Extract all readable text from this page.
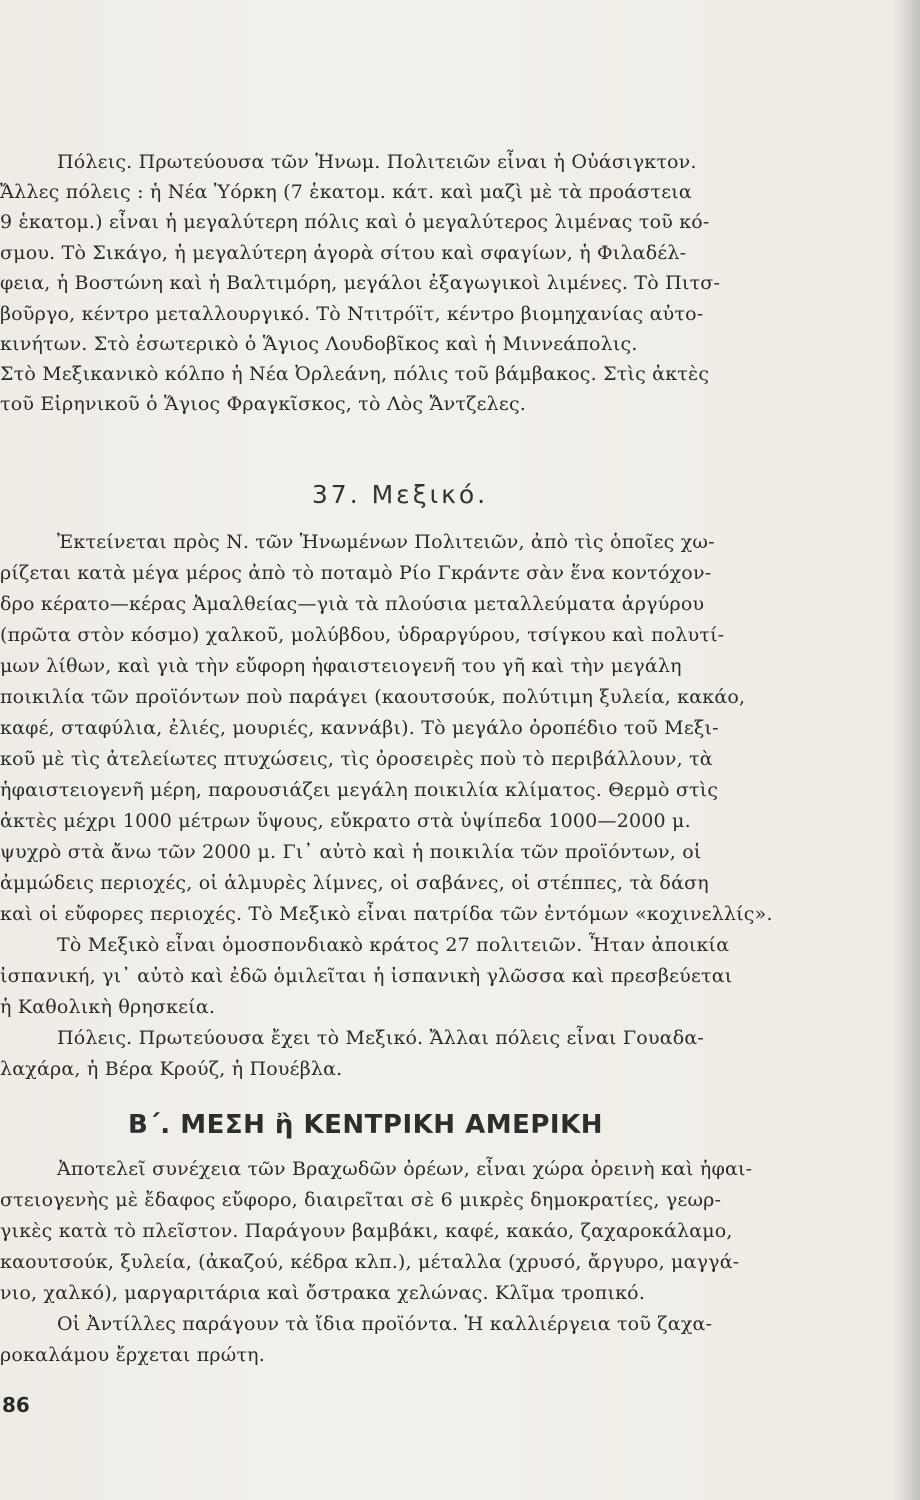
Πόλεις. Πρωτεύουσα τῶν Ἡνωμ. Πολιτειῶν εἶναι ἡ Οὐάσιγκτον.
Ἄλλες πόλεις : ἡ Νέα Ὑόρκη (7 ἑκατομ. κάτ. καὶ μαζὶ μὲ τὰ προάστεια
9 ἑκατομ.) εἶναι ἡ μεγαλύτερη πόλις καὶ ὁ μεγαλύτερος λιμένας τοῦ κό-
σμου. Τὸ Σικάγο, ἡ μεγαλύτερη ἀγορὰ σίτου καὶ σφαγίων, ἡ Φιλαδέλ-
φεια, ἡ Βοστώνη καὶ ἡ Βαλτιμόρη, μεγάλοι ἐξαγωγικοὶ λιμένες. Τὸ Πιτσ-
βοῦργο, κέντρο μεταλλουργικό. Τὸ Ντιτρόϊτ, κέντρο βιομηχανίας αὐτο-
κινήτων. Στὸ ἐσωτερικὸ ὁ Ἅγιος Λουδοβῖκος καὶ ἡ Μιννεάπολις.
Στὸ Μεξικανικὸ κόλπο ἡ Νέα Ὀρλεάνη, πόλις τοῦ βάμβακος. Στὶς ἀκτὲς
τοῦ Εἰρηνικοῦ ὁ Ἅγιος Φραγκῖσκος, τὸ Λὸς Ἄντζελες.
37. Μεξικό.
Ἐκτείνεται πρὸς Ν. τῶν Ἡνωμένων Πολιτειῶν, ἀπὸ τὶς ὁποῖες χω-
ρίζεται κατὰ μέγα μέρος ἀπὸ τὸ ποταμὸ Ρίο Γκράντε σὰν ἕνα κοντόχον-
δρο κέρατο—κέρας Ἀμαλθείας—γιὰ τὰ πλούσια μεταλλεύματα ἀργύρου
(πρῶτα στὸν κόσμο) χαλκοῦ, μολύβδου, ὑδραργύρου, τσίγκου καὶ πολυτί-
μων λίθων, καὶ γιὰ τὴν εὔφορη ἡφαιστειογενῆ του γῆ καὶ τὴν μεγάλη
ποικιλία τῶν προϊόντων ποὺ παράγει (καουτσούκ, πολύτιμη ξυλεία, κακάο,
καφέ, σταφύλια, ἐλιές, μουριές, καννάβι). Τὸ μεγάλο ὀροπέδιο τοῦ Μεξι-
κοῦ μὲ τὶς ἀτελείωτες πτυχώσεις, τὶς ὀροσειρὲς ποὺ τὸ περιβάλλουν, τὰ
ἡφαιστειογενῆ μέρη, παρουσιάζει μεγάλη ποικιλία κλίματος. Θερμὸ στὶς
ἀκτὲς μέχρι 1000 μέτρων ὕψους, εὔκρατο στὰ ὑψίπεδα 1000—2000 μ.
ψυχρὸ στὰ ἄνω τῶν 2000 μ. Γι᾿ αὐτὸ καὶ ἡ ποικιλία τῶν προϊόντων, οἱ
ἀμμώδεις περιοχές, οἱ ἁλμυρὲς λίμνες, οἱ σαβάνες, οἱ στέππες, τὰ δάση
καὶ οἱ εὔφορες περιοχές. Τὸ Μεξικὸ εἶναι πατρίδα τῶν ἐντόμων «κοχινελλίς».
Τὸ Μεξικὸ εἶναι ὁμοσπονδιακὸ κράτος 27 πολιτειῶν. Ἦταν ἀποικία
ἰσπανική, γι᾿ αὐτὸ καὶ ἐδῶ ὁμιλεῖται ἡ ἰσπανικὴ γλῶσσα καὶ πρεσβεύεται
ἡ Καθολικὴ θρησκεία.
Πόλεις. Πρωτεύουσα ἔχει τὸ Μεξικό. Ἄλλαι πόλεις εἶναι Γουαδα-
λαχάρα, ἡ Βέρα Κρούζ, ἡ Πουέβλα.
Β΄. ΜΕΣΗ ἢ ΚΕΝΤΡΙΚΗ ΑΜΕΡΙΚΗ
Ἀποτελεῖ συνέχεια τῶν Βραχωδῶν ὀρέων, εἶναι χώρα ὀρεινὴ καὶ ἡφαι-
στειογενὴς μὲ ἔδαφος εὔφορο, διαιρεῖται σὲ 6 μικρὲς δημοκρατίες, γεωρ-
γικὲς κατὰ τὸ πλεῖστον. Παράγουν βαμβάκι, καφέ, κακάο, ζαχαροκάλαμο,
καουτσούκ, ξυλεία, (ἀκαζού, κέδρα κλπ.), μέταλλα (χρυσό, ἄργυρο, μαγγά-
νιο, χαλκό), μαργαριτάρια καὶ ὄστρακα χελώνας. Κλῖμα τροπικό.
Οἱ Ἀντίλλες παράγουν τὰ ἴδια προϊόντα. Ἡ καλλιέργεια τοῦ ζαχα-
ροκαλάμου ἔρχεται πρώτη.
86
